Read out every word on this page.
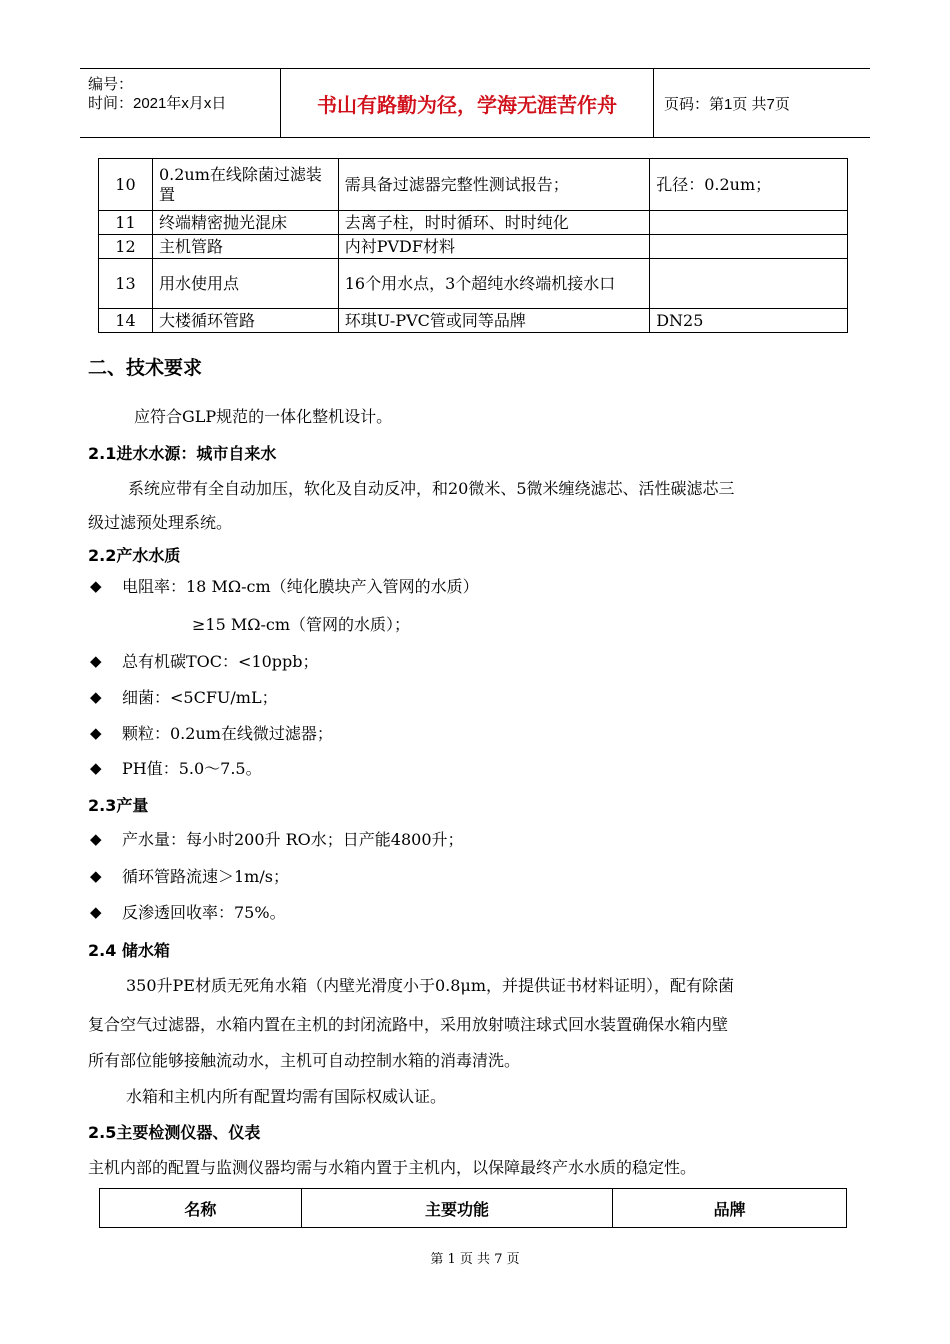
编号：
时间：2021年x月x日	书山有路勤为径，学海无涯苦作舟	页码：第1页 共7页
10	0.2um在线除菌过滤装置	需具备过滤器完整性测试报告；	孔径：0.2um；
11	终端精密抛光混床	去离子柱，时时循环、时时纯化	
12	主机管路	内衬PVDF材料	
13	用水使用点	16个用水点，3个超纯水终端机接水口	
14	大楼循环管路	环琪U-PVC管或同等品牌	DN25
二、技术要求

应符合GLP规范的一体化整机设计。

2.1进水水源：城市自来水

系统应带有全自动加压，软化及自动反冲，和20微米、5微米缠绕滤芯、活性碳滤芯三

级过滤预处理系统。

2.2产水水质

◆	电阻率：18 MΩ-cm（纯化膜块产入管网的水质）
≥15 MΩ-cm（管网的水质）；
◆	总有机碳TOC：<10ppb；
◆	细菌：<5CFU/mL；
◆	颗粒：0.2um在线微过滤器；
◆	PH值：5.0～7.5。

2.3产量

◆	产水量：每小时200升 RO水；日产能4800升；
◆	循环管路流速＞1m/s；
◆	反渗透回收率：75%。

2.4 储水箱

350升PE材质无死角水箱（内壁光滑度小于0.8μm，并提供证书材料证明），配有除菌

复合空气过滤器，水箱内置在主机的封闭流路中，采用放射喷注球式回水装置确保水箱内壁

所有部位能够接触流动水，主机可自动控制水箱的消毒清洗。

水箱和主机内所有配置均需有国际权威认证。

2.5主要检测仪器、仪表

主机内部的配置与监测仪器均需与水箱内置于主机内，以保障最终产水水质的稳定性。

名称	主要功能	品牌
第 1 页 共 7 页
